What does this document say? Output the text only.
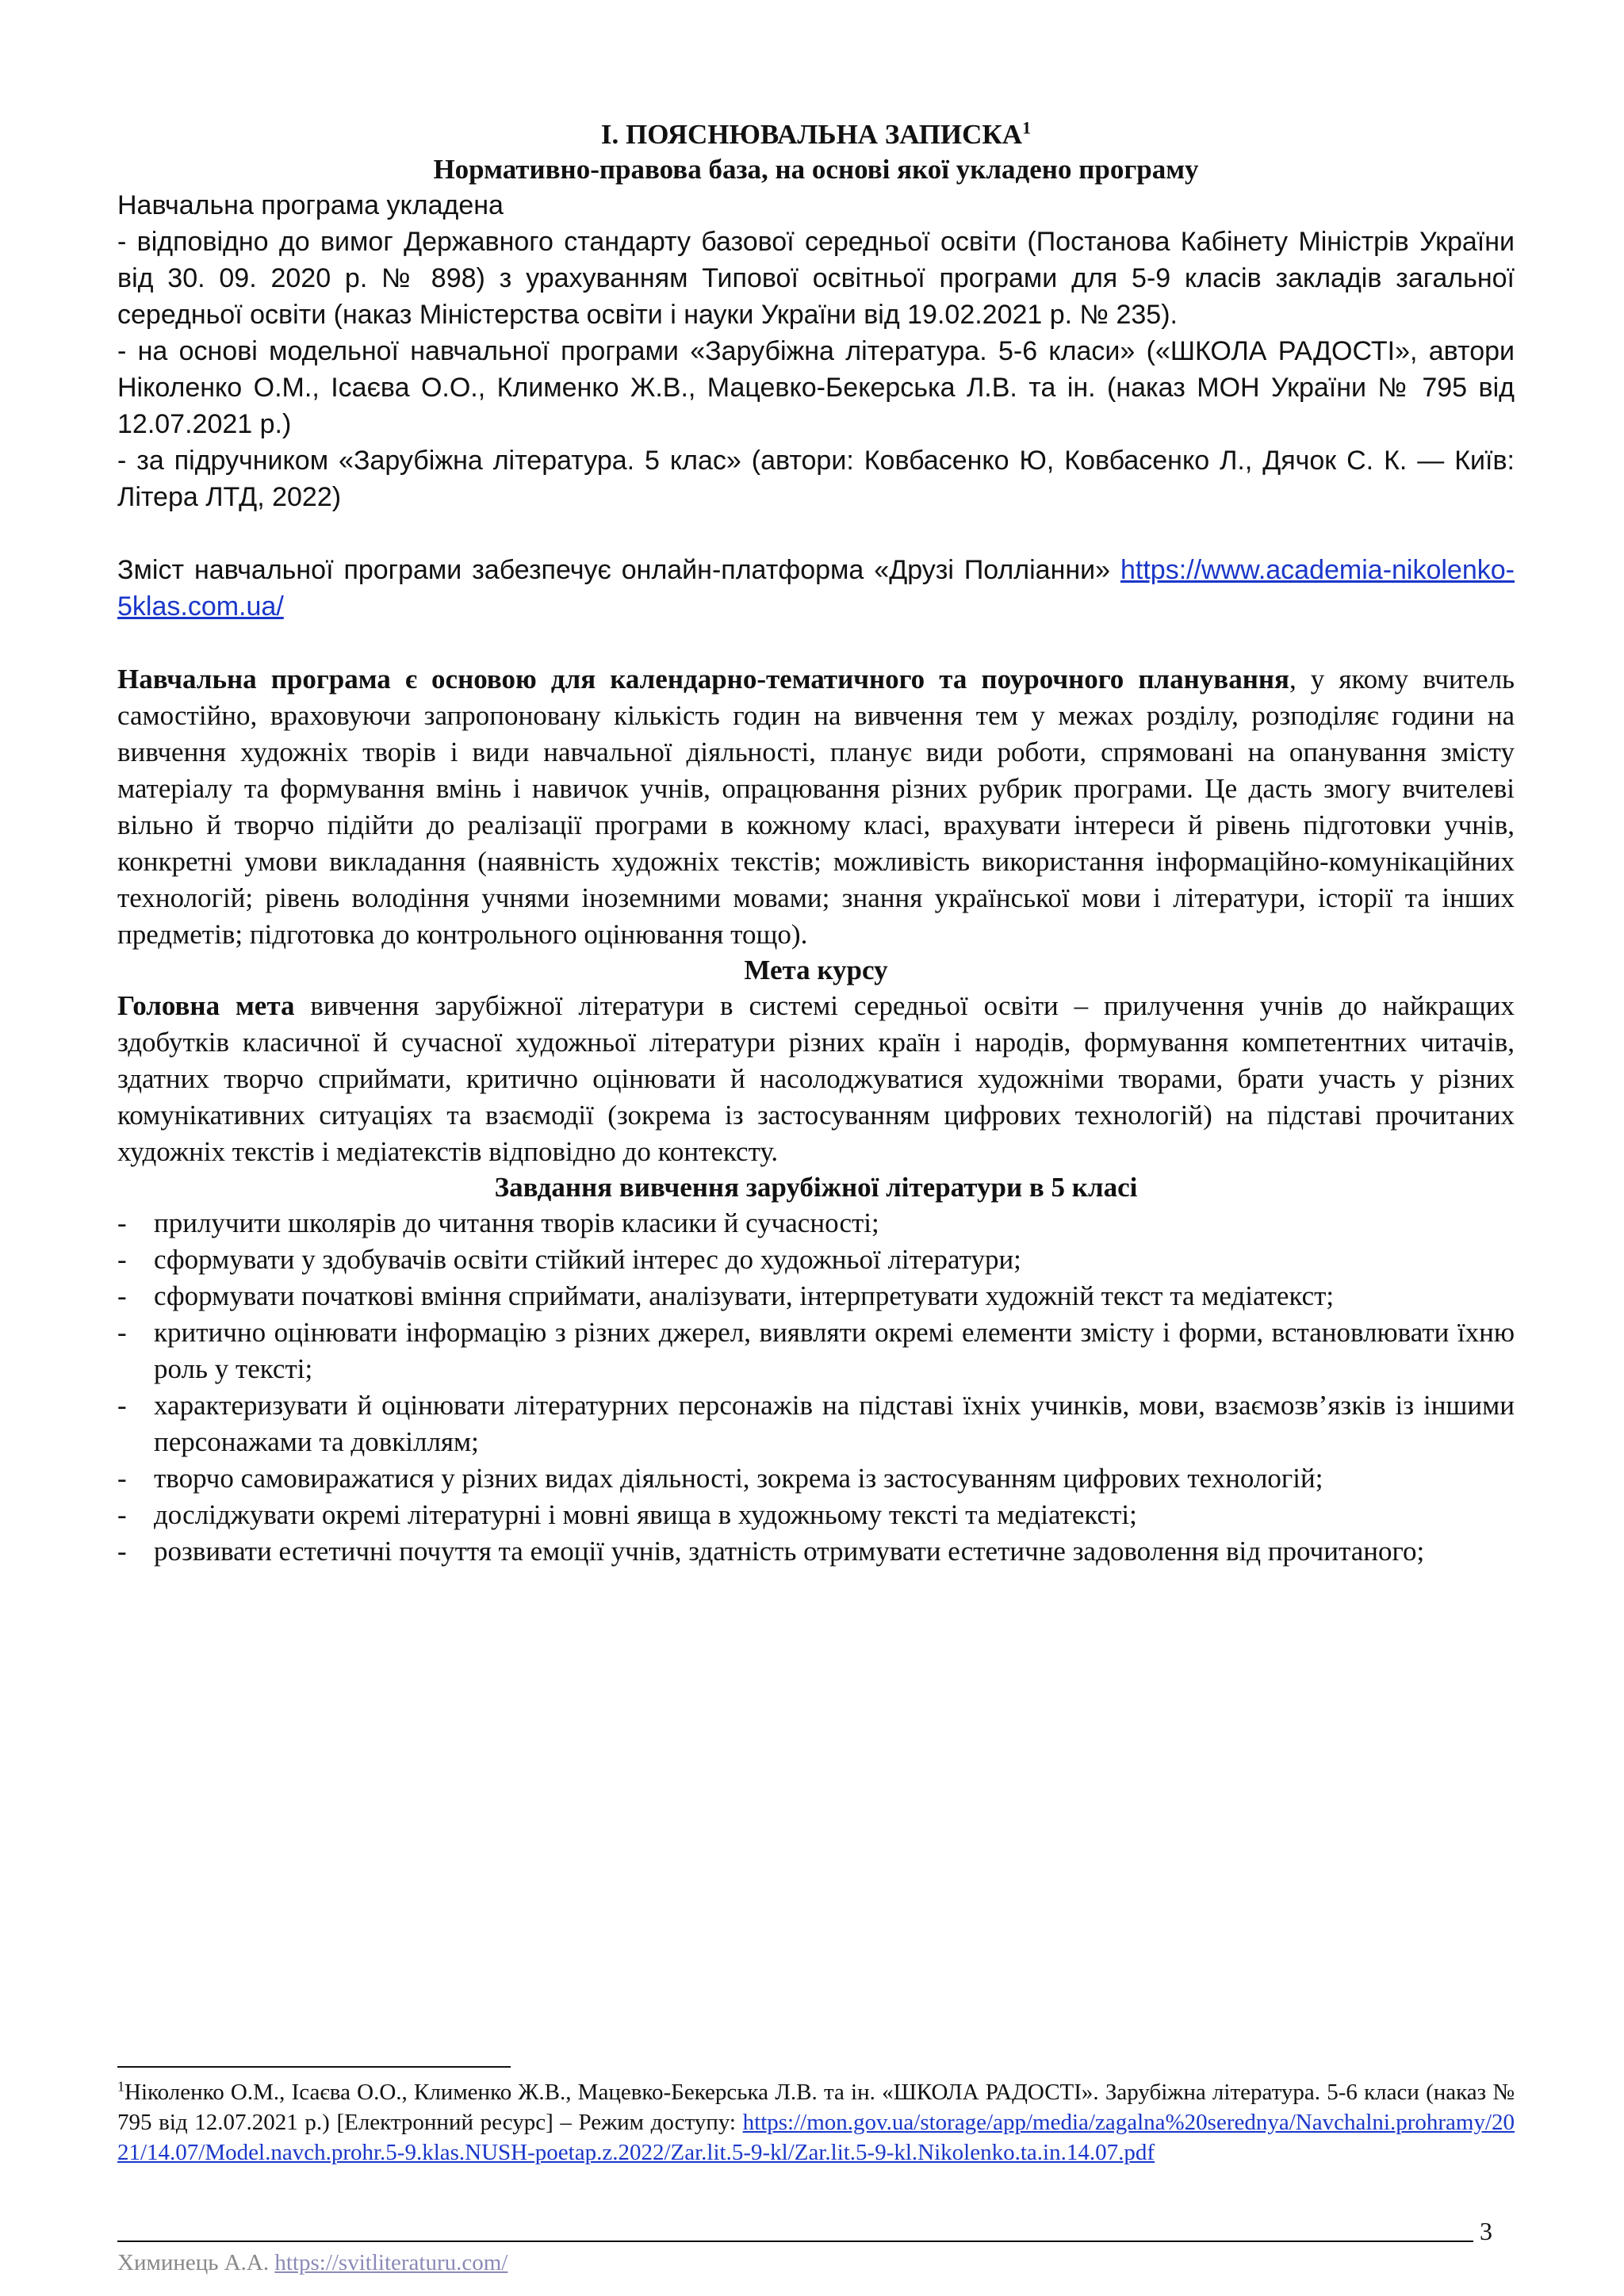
І. ПОЯСНЮВАЛЬНА ЗАПИСКА$^1$
Нормативно-правова база, на основі якої укладено програму

Навчальна програма укладена

- відповідно до вимог Державного стандарту базової середньої освіти (Постанова Кабінету Міністрів України від 30. 09. 2020 р. № 898) з урахуванням Типової освітньої програми для 5-9 класів закладів загальної середньої освіти (наказ Міністерства освіти і науки України від 19.02.2021 р. № 235).

- на основі модельної навчальної програми «Зарубіжна література. 5-6 класи» («ШКОЛА РАДОСТІ», автори Ніколенко О.М., Ісаєва О.О., Клименко Ж.В., Мацевко-Бекерська Л.В. та ін. (наказ МОН України № 795 від 12.07.2021 р.)

- за підручником «Зарубіжна література. 5 клас» (автори: Ковбасенко Ю, Ковбасенко Л., Дячок С. К. ― Київ: Літера ЛТД, 2022)

Зміст навчальної програми забезпечує онлайн-платформа «Друзі Полліанни» https://www.academia-nikolenko-5klas.com.ua/

Навчальна програма є основою для календарно-тематичного та поурочного планування, у якому вчитель самостійно, враховуючи запропоновану кількість годин на вивчення тем у межах розділу, розподіляє години на вивчення художніх творів і види навчальної діяльності, планує види роботи, спрямовані на опанування змісту матеріалу та формування вмінь і навичок учнів, опрацювання різних рубрик програми. Це дасть змогу вчителеві вільно й творчо підійти до реалізації програми в кожному класі, врахувати інтереси й рівень підготовки учнів, конкретні умови викладання (наявність художніх текстів; можливість використання інформаційно-комунікаційних технологій; рівень володіння учнями іноземними мовами; знання української мови і літератури, історії та інших предметів; підготовка до контрольного оцінювання тощо).

Мета курсу

Головна мета вивчення зарубіжної літератури в системі середньої освіти – прилучення учнів до найкращих здобутків класичної й сучасної художньої літератури різних країн і народів, формування компетентних читачів, здатних творчо сприймати, критично оцінювати й насолоджуватися художніми творами, брати участь у різних комунікативних ситуаціях та взаємодії (зокрема із застосуванням цифрових технологій) на підставі прочитаних художніх текстів і медіатекстів відповідно до контексту.

Завдання вивчення зарубіжної літератури в 5 класі
- прилучити школярів до читання творів класики й сучасності;
- сформувати у здобувачів освіти стійкий інтерес до художньої літератури;
- сформувати початкові вміння сприймати, аналізувати, інтерпретувати художній текст та медіатекст;
- критично оцінювати інформацію з різних джерел, виявляти окремі елементи змісту і форми, встановлювати їхню роль у тексті;
- характеризувати й оцінювати літературних персонажів на підставі їхніх учинків, мови, взаємозв’язків із іншими персонажами та довкіллям;
- творчо самовиражатися у різних видах діяльності, зокрема із застосуванням цифрових технологій;
- досліджувати окремі літературні і мовні явища в художньому тексті та медіатексті;
- розвивати естетичні почуття та емоції учнів, здатність отримувати естетичне задоволення від прочитаного;
$^1$Ніколенко О.М., Ісаєва О.О., Клименко Ж.В., Мацевко-Бекерська Л.В. та ін. «ШКОЛА РАДОСТІ». Зарубіжна література. 5-6 класи (наказ № 795 від 12.07.2021 р.) [Електронний ресурс] – Режим доступу: https://mon.gov.ua/storage/app/media/zagalna%20serednya/Navchalni.prohramy/2021/14.07/Model.navch.prohr.5-9.klas.NUSH-poetap.z.2022/Zar.lit.5-9-kl/Zar.lit.5-9-kl.Nikolenko.ta.in.14.07.pdf
3
Химинець А.А. https://svitliteraturu.com/
